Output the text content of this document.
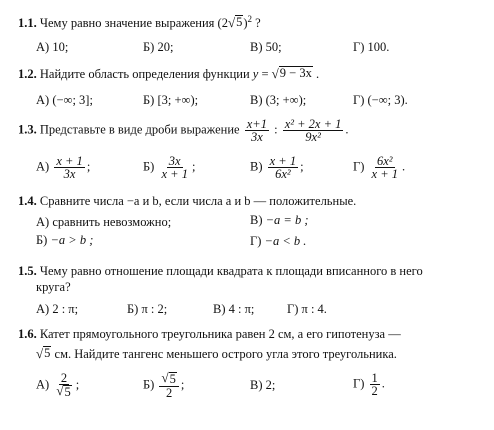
1.1. Чему равно значение выражения (2 √ 5 )$^2$ ?
А) 10;	Б) 20;	В) 50;	Г) 100.
1.2. Найдите область определения функции y = √ 9 − 3x .
А) (−∞; 3];	Б) [3; +∞);	В) (3; +∞);	Г) (−∞; 3).
1.3. Представьте в виде дроби выражение $\frac{x+1}{3x}$ : $\frac{\text{x² + 2x + 1}}{\text{9x²}}$ .
$А) \frac{x + 1}{3x}$ ;	$Б) \frac{3x}{x + 1}$ ;	$В) \frac{x + 1}{\text{6x²}}$ ;	$Г) \frac{\text{6x²}}{x + 1}$ .
1.4. Сравните числа −a и b, если числа a и b — положительные.
А) сравнить невозможно;	В) −a = b ;
Б) −a > b ;	Г) −a < b .
1.5. Чему равно отношение площади квадрата к площади вписанного в него
круга?
А) 2 : π;	Б) π : 2;	В) 4 : π;	Г) π : 4.
1.6. Катет прямоугольного треугольника равен 2 см, а его гипотенуза —
√ 5 см. Найдите тангенс меньшего острого угла этого треугольника.
$А) \frac{2}{√ 5}$ ;	$Б) \frac{√ 5}{2}$ ;	В) 2;	$Г) \frac{1}{2}$ .
